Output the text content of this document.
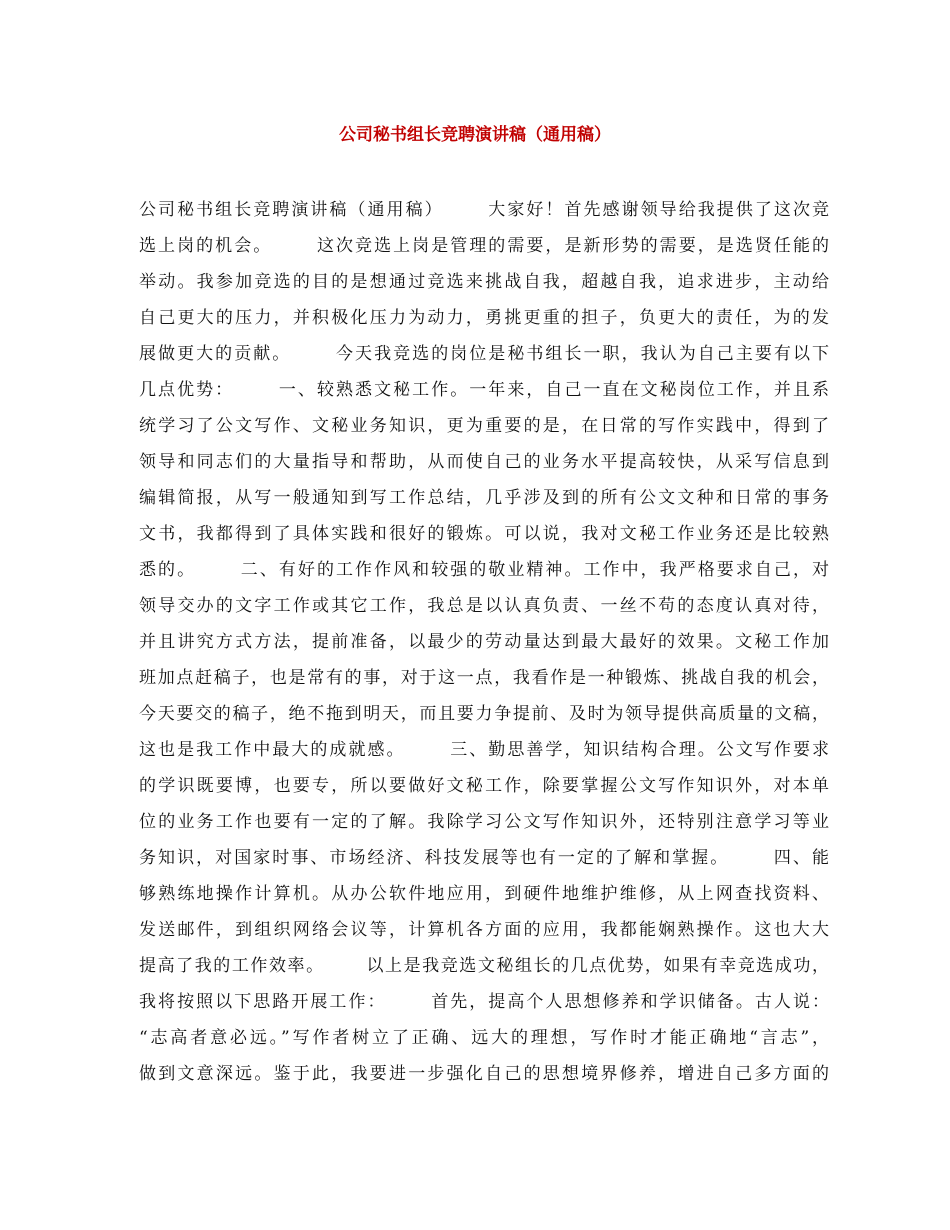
公司秘书组长竞聘演讲稿（通用稿）
公司秘书组长竞聘演讲稿（通用稿）      大家好！首先感谢领导给我提供了这次竞
选上岗的机会。      这次竞选上岗是管理的需要，是新形势的需要，是选贤任能的
举动。我参加竞选的目的是想通过竞选来挑战自我，超越自我，追求进步，主动给
自己更大的压力，并积极化压力为动力，勇挑更重的担子，负更大的责任，为的发
展做更大的贡献。      今天我竞选的岗位是秘书组长一职，我认为自己主要有以下
几点优势：      一、较熟悉文秘工作。一年来，自己一直在文秘岗位工作，并且系
统学习了公文写作、文秘业务知识，更为重要的是，在日常的写作实践中，得到了
领导和同志们的大量指导和帮助，从而使自己的业务水平提高较快，从采写信息到
编辑简报，从写一般通知到写工作总结，几乎涉及到的所有公文文种和日常的事务
文书，我都得到了具体实践和很好的锻炼。可以说，我对文秘工作业务还是比较熟
悉的。      二、有好的工作作风和较强的敬业精神。工作中，我严格要求自己，对
领导交办的文字工作或其它工作，我总是以认真负责、一丝不苟的态度认真对待，
并且讲究方式方法，提前准备，以最少的劳动量达到最大最好的效果。文秘工作加
班加点赶稿子，也是常有的事，对于这一点，我看作是一种锻炼、挑战自我的机会，
今天要交的稿子，绝不拖到明天，而且要力争提前、及时为领导提供高质量的文稿，
这也是我工作中最大的成就感。      三、勤思善学，知识结构合理。公文写作要求
的学识既要博，也要专，所以要做好文秘工作，除要掌握公文写作知识外，对本单
位的业务工作也要有一定的了解。我除学习公文写作知识外，还特别注意学习等业
务知识，对国家时事、市场经济、科技发展等也有一定的了解和掌握。      四、能
够熟练地操作计算机。从办公软件地应用，到硬件地维护维修，从上网查找资料、
发送邮件，到组织网络会议等，计算机各方面的应用，我都能娴熟操作。这也大大
提高了我的工作效率。      以上是我竞选文秘组长的几点优势，如果有幸竞选成功，
我将按照以下思路开展工作：      首先，提高个人思想修养和学识储备。古人说：
“志高者意必远。”写作者树立了正确、远大的理想，写作时才能正确地“言志”，
做到文意深远。鉴于此，我要进一步强化自己的思想境界修养，增进自己多方面的
